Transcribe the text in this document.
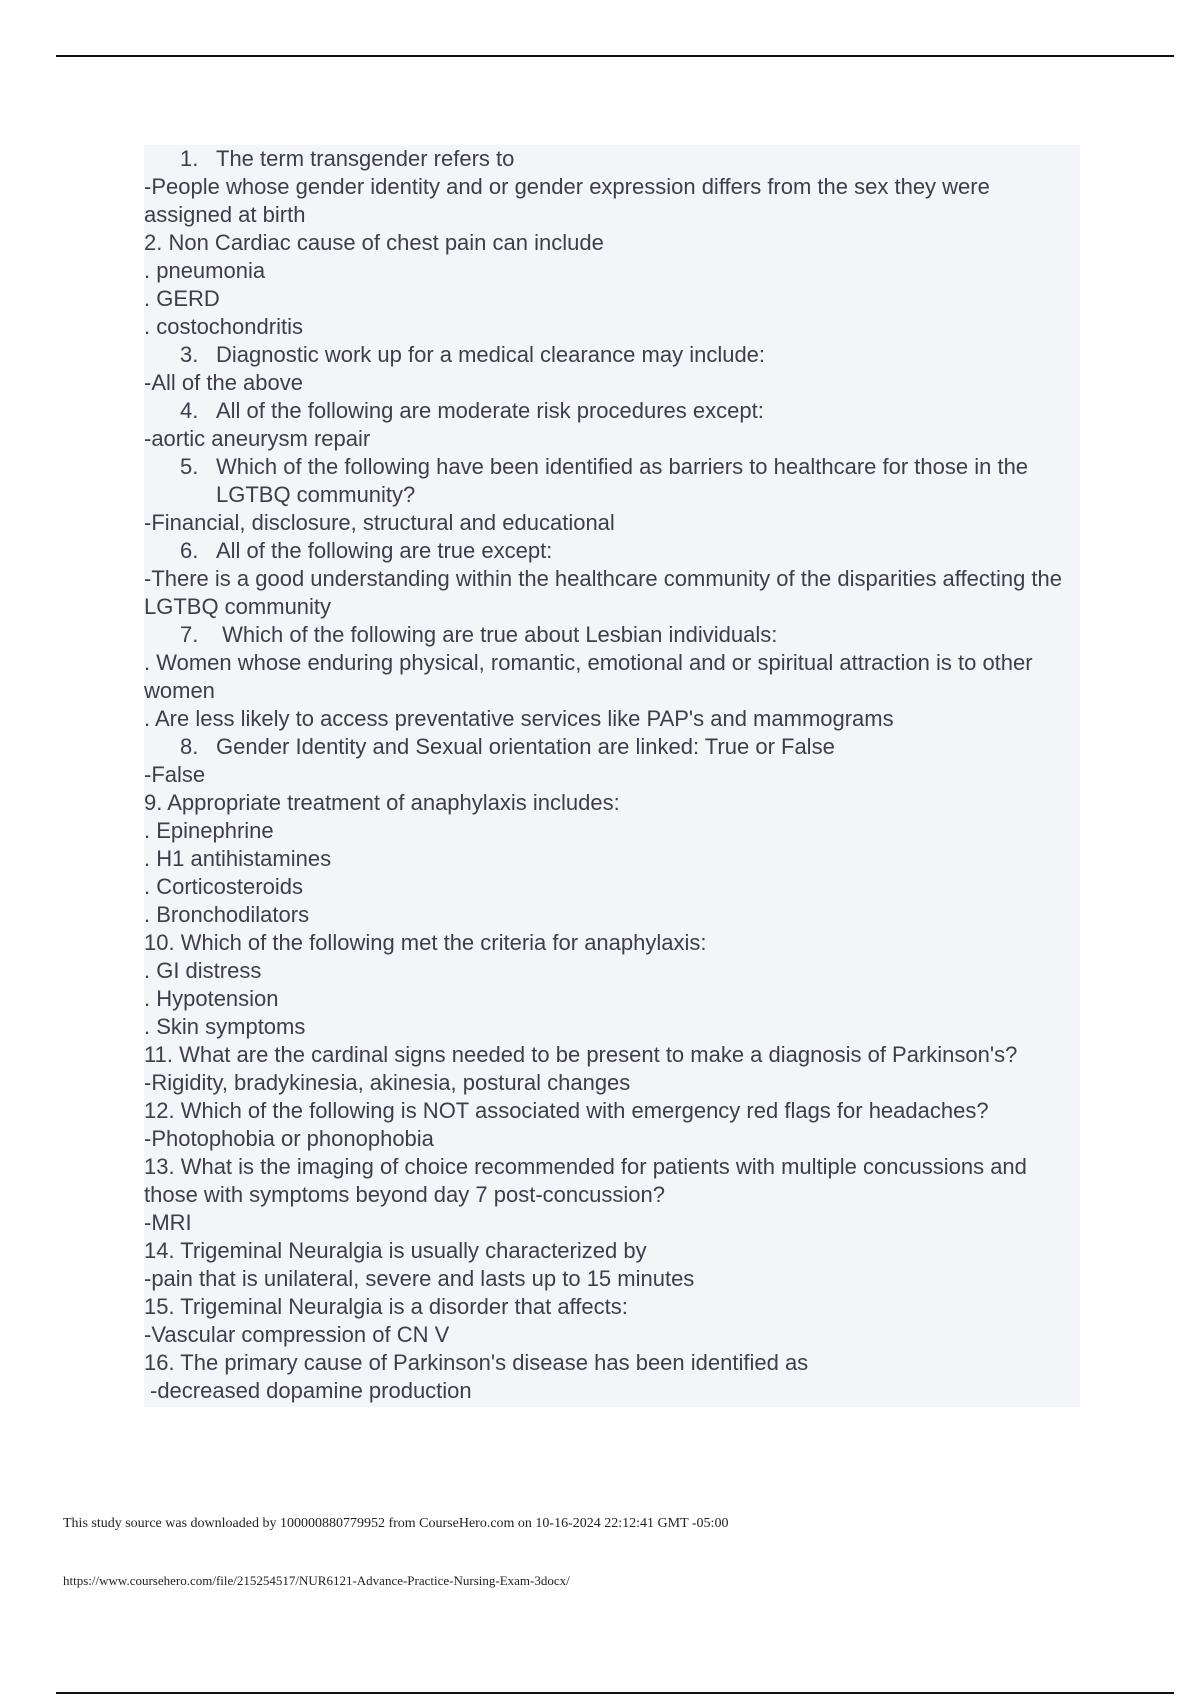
1. The term transgender refers to
-People whose gender identity and or gender expression differs from the sex they were assigned at birth
2. Non Cardiac cause of chest pain can include
. pneumonia
. GERD
. costochondritis
3. Diagnostic work up for a medical clearance may include:
-All of the above
4. All of the following are moderate risk procedures except:
-aortic aneurysm repair
5. Which of the following have been identified as barriers to healthcare for those in the LGTBQ community?
-Financial, disclosure, structural and educational
6. All of the following are true except:
-There is a good understanding within the healthcare community of the disparities affecting the LGTBQ community
7. Which of the following are true about Lesbian individuals:
. Women whose enduring physical, romantic, emotional and or spiritual attraction is to other women
. Are less likely to access preventative services like PAP's and mammograms
8. Gender Identity and Sexual orientation are linked: True or False
-False
9. Appropriate treatment of anaphylaxis includes:
. Epinephrine
. H1 antihistamines
. Corticosteroids
. Bronchodilators
10. Which of the following met the criteria for anaphylaxis:
. GI distress
. Hypotension
. Skin symptoms
11. What are the cardinal signs needed to be present to make a diagnosis of Parkinson's?
-Rigidity, bradykinesia, akinesia, postural changes
12. Which of the following is NOT associated with emergency red flags for headaches?
-Photophobia or phonophobia
13. What is the imaging of choice recommended for patients with multiple concussions and those with symptoms beyond day 7 post-concussion?
-MRI
14. Trigeminal Neuralgia is usually characterized by
-pain that is unilateral, severe and lasts up to 15 minutes
15. Trigeminal Neuralgia is a disorder that affects:
-Vascular compression of CN V
16. The primary cause of Parkinson's disease has been identified as
-decreased dopamine production
This study source was downloaded by 100000880779952 from CourseHero.com on 10-16-2024 22:12:41 GMT -05:00
https://www.coursehero.com/file/215254517/NUR6121-Advance-Practice-Nursing-Exam-3docx/
